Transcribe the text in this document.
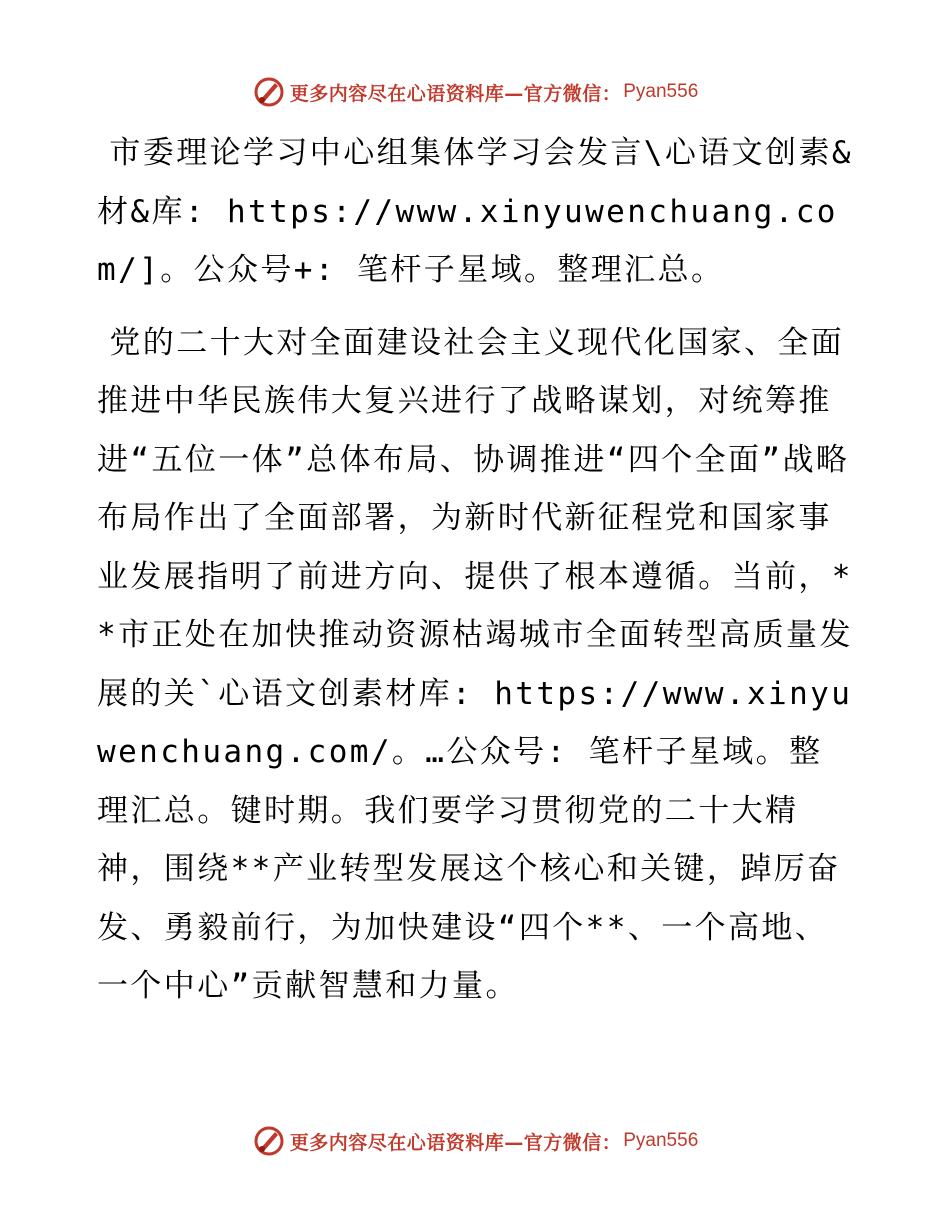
更多内容尽在心语资料库—官方微信： Pyan556

市委理论学习中心组集体学习会发言\心语文创素&材&库: https://www.xinyuwenchuang.com/]。公众号+: 笔杆子星域。整理汇总。

党的二十大对全面建设社会主义现代化国家、全面推进中华民族伟大复兴进行了战略谋划，对统筹推进“五位一体”总体布局、协调推进“四个全面”战略布局作出了全面部署，为新时代新征程党和国家事业发展指明了前进方向、提供了根本遵循。当前，**市正处在加快推动资源枯竭城市全面转型高质量发展的关`心语文创素材库: https://www.xinyuwenchuang.com/。…公众号: 笔杆子星域。整理汇总。键时期。我们要学习贯彻党的二十大精神，围绕**产业转型发展这个核心和关键，踔厉奋发、勇毅前行，为加快建设“四个**、一个高地、一个中心”贡献智慧和力量。

更多内容尽在心语资料库—官方微信： Pyan556
